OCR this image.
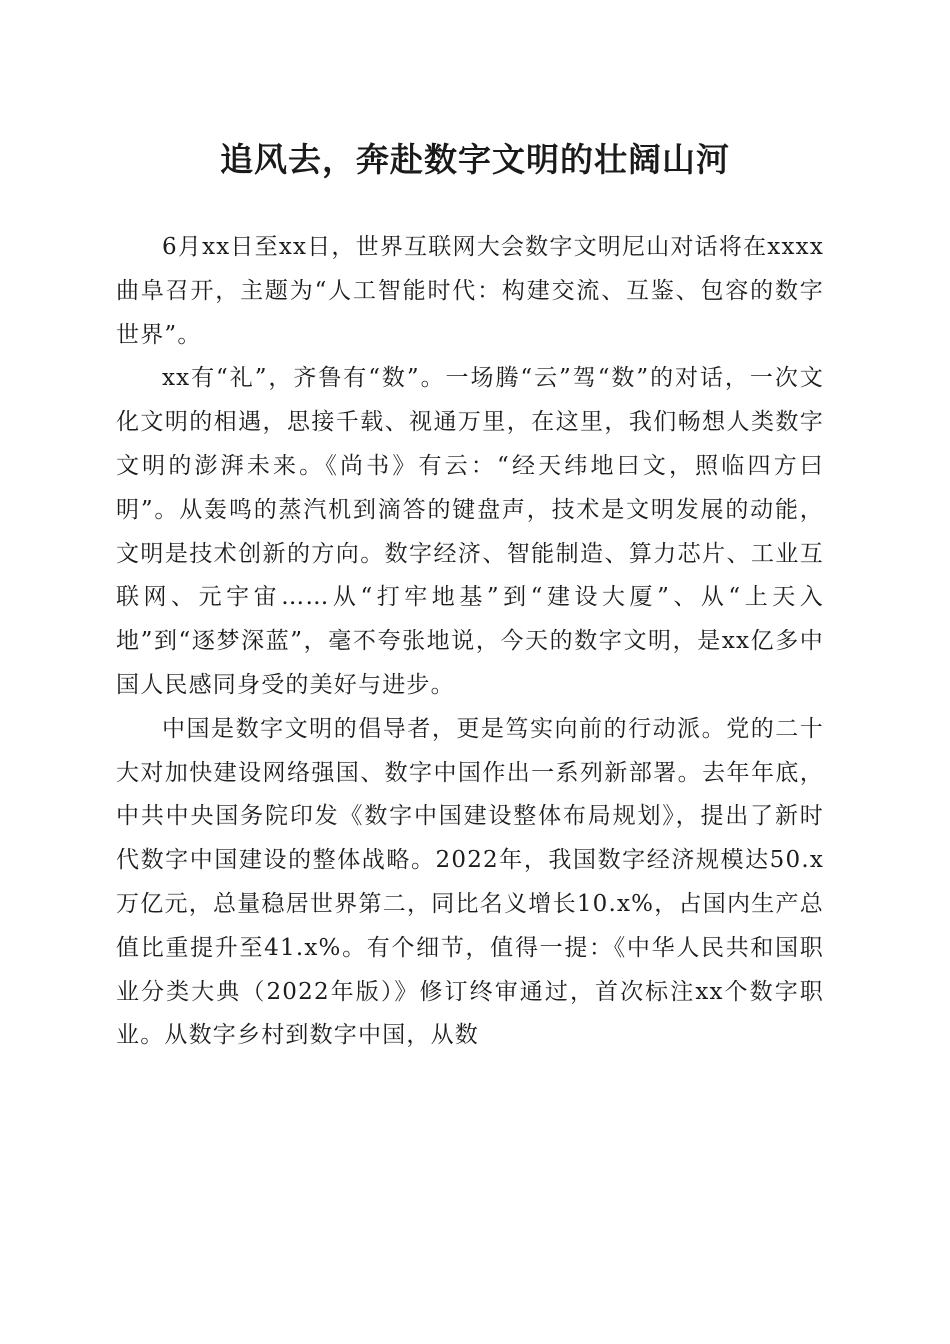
追风去，奔赴数字文明的壮阔山河

6月xx日至xx日，世界互联网大会数字文明尼山对话将在xxxx曲阜召开，主题为“人工智能时代：构建交流、互鉴、包容的数字世界”。

xx有“礼”，齐鲁有“数”。一场腾“云”驾“数”的对话，一次文化文明的相遇，思接千载、视通万里，在这里，我们畅想人类数字文明的澎湃未来。《尚书》有云：“经天纬地曰文，照临四方曰明”。从轰鸣的蒸汽机到滴答的键盘声，技术是文明发展的动能，文明是技术创新的方向。数字经济、智能制造、算力芯片、工业互联网、元宇宙……从“打牢地基”到“建设大厦”、从“上天入地”到“逐梦深蓝”，毫不夸张地说，今天的数字文明，是xx亿多中国人民感同身受的美好与进步。

中国是数字文明的倡导者，更是笃实向前的行动派。党的二十大对加快建设网络强国、数字中国作出一系列新部署。去年年底，中共中央国务院印发《数字中国建设整体布局规划》，提出了新时代数字中国建设的整体战略。2022年，我国数字经济规模达50.x万亿元，总量稳居世界第二，同比名义增长10.x%，占国内生产总值比重提升至41.x%。有个细节，值得一提：《中华人民共和国职业分类大典（2022年版）》修订终审通过，首次标注xx个数字职业。从数字乡村到数字中国，从数
